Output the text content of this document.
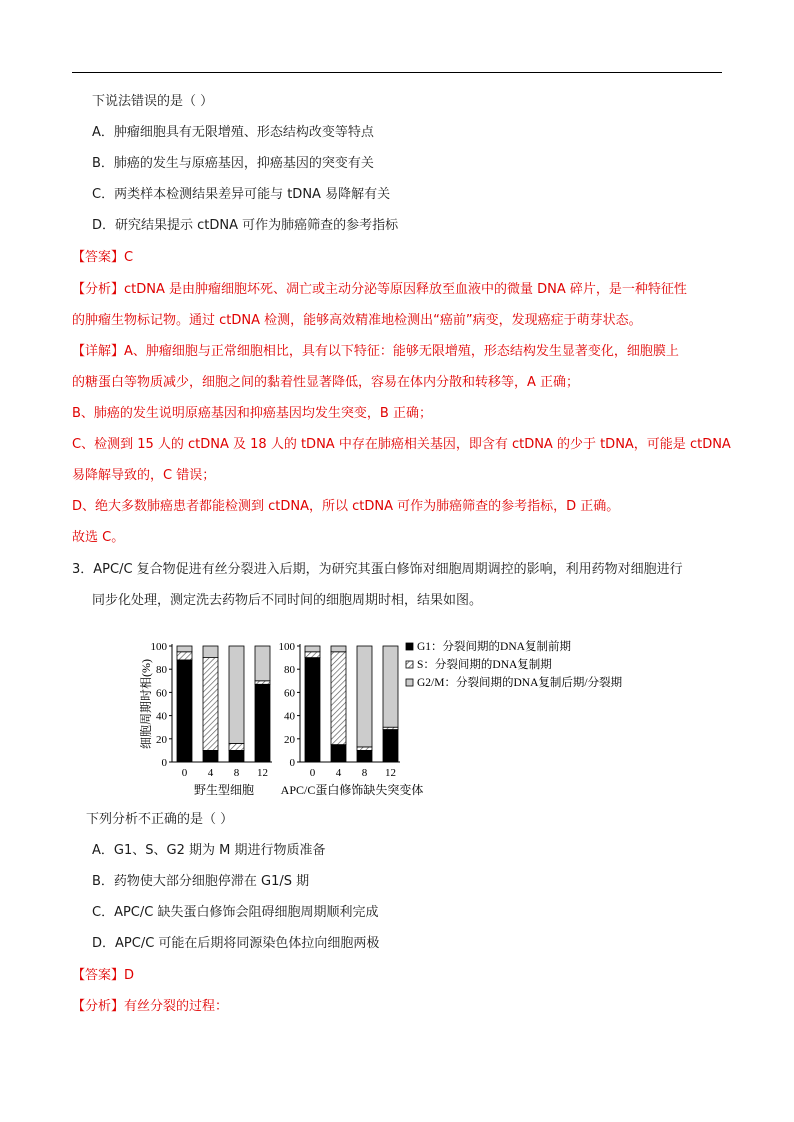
下说法错误的是（ ）
A．肿瘤细胞具有无限增殖、形态结构改变等特点
B．肺癌的发生与原癌基因，抑癌基因的突变有关
C．两类样本检测结果差异可能与 tDNA 易降解有关
D．研究结果提示 ctDNA 可作为肺癌筛查的参考指标
【答案】C
【分析】ctDNA 是由肿瘤细胞坏死、凋亡或主动分泌等原因释放至血液中的微量 DNA 碎片，是一种特征性
的肿瘤生物标记物。通过 ctDNA 检测，能够高效精准地检测出“癌前”病变，发现癌症于萌芽状态。
【详解】A、肿瘤细胞与正常细胞相比，具有以下特征：能够无限增殖，形态结构发生显著变化，细胞膜上
的糖蛋白等物质减少，细胞之间的黏着性显著降低，容易在体内分散和转移等，A 正确；
B、肺癌的发生说明原癌基因和抑癌基因均发生突变，B 正确；
C、检测到 15 人的 ctDNA 及 18 人的 tDNA 中存在肺癌相关基因，即含有 ctDNA 的少于 tDNA，可能是 ctDNA
易降解导致的，C 错误；
D、绝大多数肺癌患者都能检测到 ctDNA，所以 ctDNA 可作为肺癌筛查的参考指标，D 正确。
故选 C。
3．APC/C 复合物促进有丝分裂进入后期，为研究其蛋白修饰对细胞周期调控的影响，利用药物对细胞进行
同步化处理，测定洗去药物后不同时间的细胞周期时相，结果如图。
细胞周期时相(%)
0
20
40
60
80
100
0 4 8 12
野生型细胞
0
20
40
60
80
100
0 4 8 12
APC/C蛋白修饰缺失突变体
G1：分裂间期的DNA复制前期
S：分裂间期的DNA复制期
G2/M：分裂间期的DNA复制后期/分裂期
下列分析不正确的是（ ）
A．G1、S、G2 期为 M 期进行物质准备
B．药物使大部分细胞停滞在 G1/S 期
C．APC/C 缺失蛋白修饰会阻碍细胞周期顺利完成
D．APC/C 可能在后期将同源染色体拉向细胞两极
【答案】D
【分析】有丝分裂的过程：
